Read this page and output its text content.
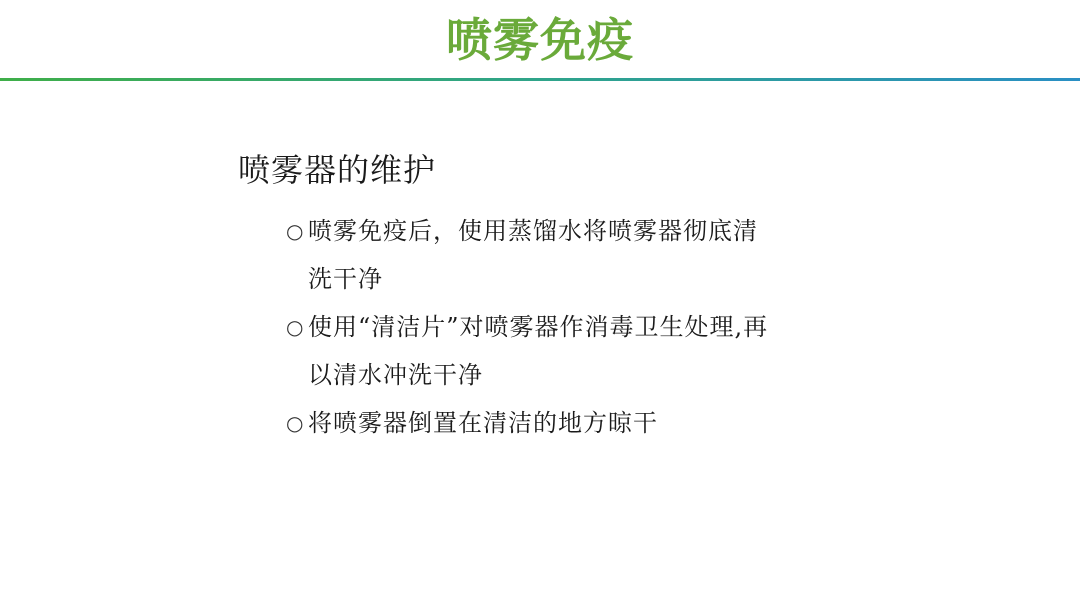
喷雾免疫
喷雾器的维护
○ 喷雾免疫后，使用蒸馏水将喷雾器彻底清洗干净
○ 使用“清洁片”对喷雾器作消毒卫生处理,再以清水冲洗干净
○ 将喷雾器倒置在清洁的地方晾干
